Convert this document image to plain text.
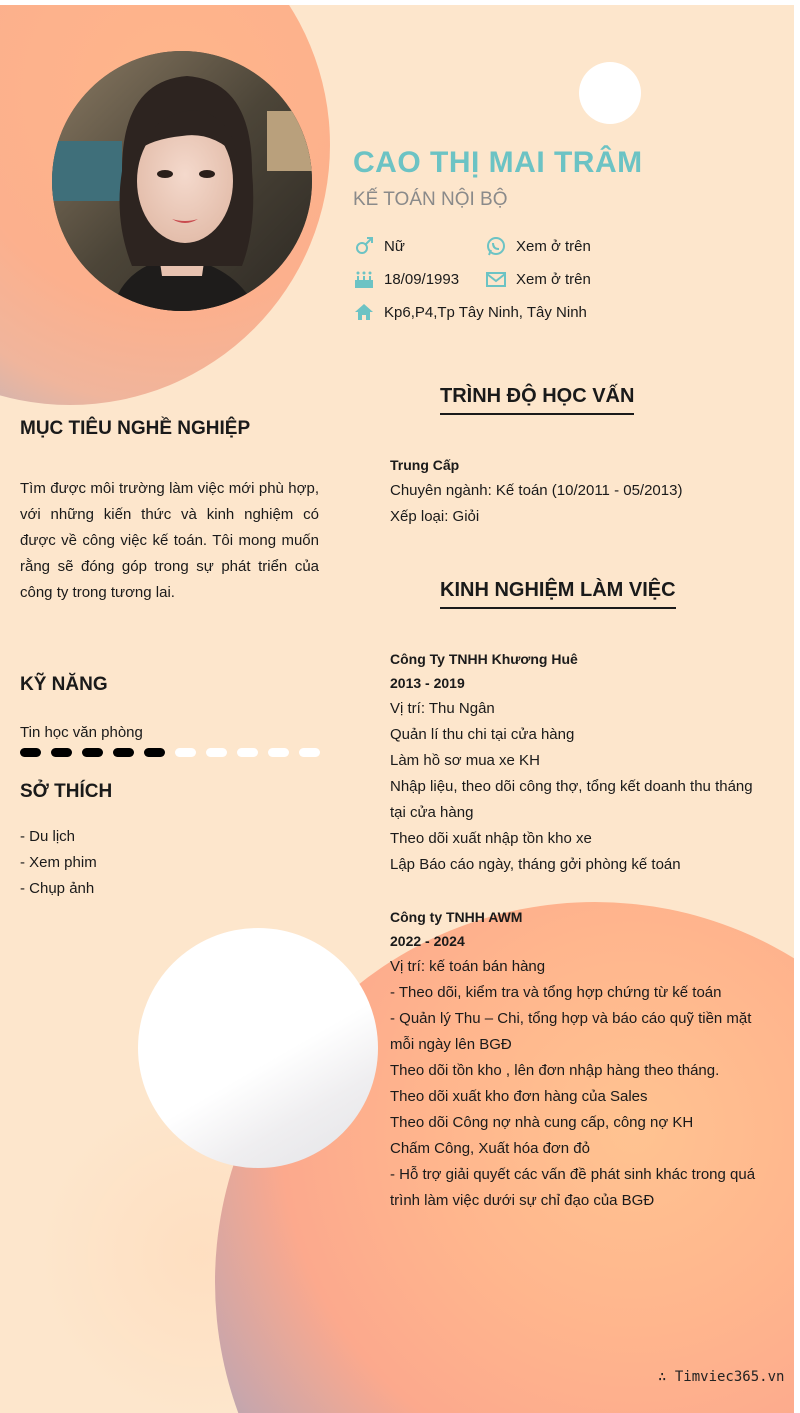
CAO THỊ MAI TRÂM

KẾ TOÁN NỘI BỘ

Nữ	Xem ở trên
18/09/1993	Xem ở trên
Kp6,P4,Tp Tây Ninh, Tây Ninh
MỤC TIÊU NGHỀ NGHIỆP

Tìm được môi trường làm việc mới phù hợp, với những kiến thức và kinh nghiệm có được về công việc kế toán. Tôi mong muốn rằng sẽ đóng góp trong sự phát triển của công ty trong tương lai.

KỸ NĂNG
Tin học văn phòng
SỞ THÍCH
- Du lịch
- Xem phim
- Chụp ảnh
TRÌNH ĐỘ HỌC VẤN

Trung Cấp

Chuyên ngành: Kế toán (10/2011 - 05/2013)

Xếp loại: Giỏi

KINH NGHIỆM LÀM VIỆC

Công Ty TNHH Khương Huê

2013 - 2019

Vị trí: Thu Ngân

Quản lí thu chi tại cửa hàng

Làm hồ sơ mua xe KH

Nhập liệu, theo dõi công thợ, tổng kết doanh thu tháng

tại cửa hàng

Theo dõi xuất nhập tồn kho xe

Lập Báo cáo ngày, tháng gởi phòng kế toán

Công ty TNHH AWM

2022 - 2024

Vị trí: kế toán bán hàng

- Theo dõi, kiểm tra và tổng hợp chứng từ kế toán

- Quản lý Thu – Chi, tổng hợp và báo cáo quỹ tiền mặt

mỗi ngày lên BGĐ

Theo dõi tồn kho , lên đơn nhập hàng theo tháng.

Theo dõi xuất kho đơn hàng của Sales

Theo dõi Công nợ nhà cung cấp, công nợ KH

Chấm Công, Xuất hóa đơn đỏ

- Hỗ trợ giải quyết các vấn đề phát sinh khác trong quá

trình làm việc dưới sự chỉ đạo của BGĐ

∴ Timviec365.vn
